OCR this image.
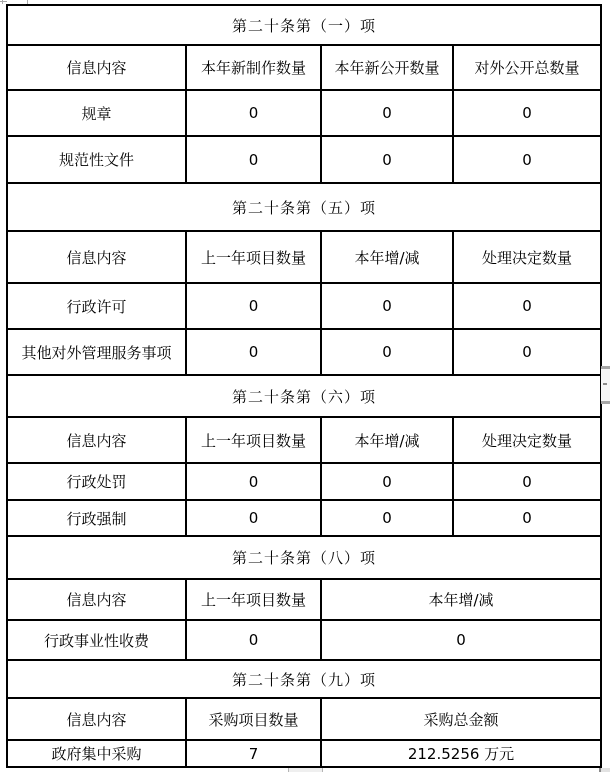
第二十条第（一）项			
信息内容	本年新制作数量	本年新公开数量	对外公开总数量
规章	0	0	0
规范性文件	0	0	0
第二十条第（五）项			
信息内容	上一年项目数量	本年增/减	处理决定数量
行政许可	0	0	0
其他对外管理服务事项	0	0	0
第二十条第（六）项			
信息内容	上一年项目数量	本年增/减	处理决定数量
行政处罚	0	0	0
行政强制	0	0	0
第二十条第（八）项			
信息内容	上一年项目数量	本年增/减	
行政事业性收费	0	0	
第二十条第（九）项			
信息内容	采购项目数量	采购总金额	
政府集中采购	7	212.5256 万元	
